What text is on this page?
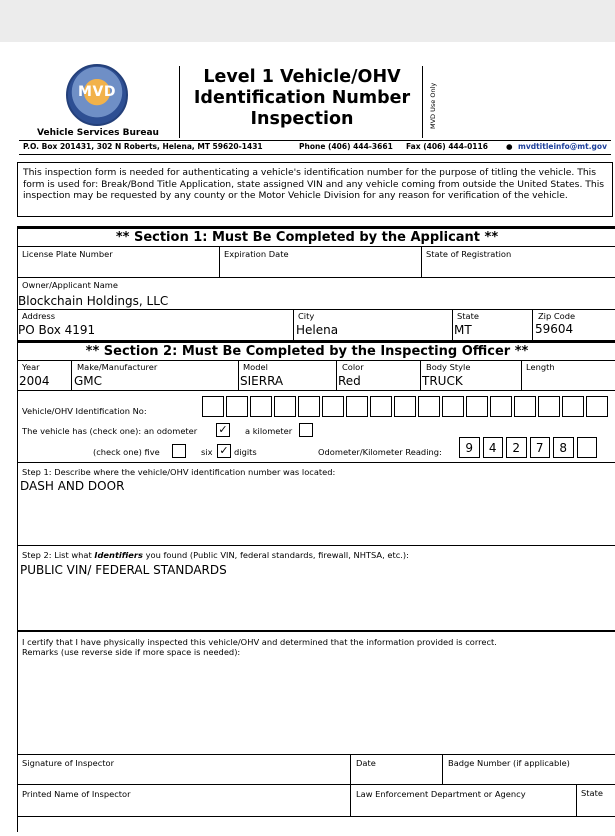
MVD
Vehicle Services Bureau
Level 1 Vehicle/OHV
Identification Number
Inspection	MVD Use Only
P.O. Box 201431, 302 N Roberts, Helena, MT 59620-1431	Phone (406) 444-3661 Fax (406) 444-0116 ● mvdtitleinfo@mt.gov
This inspection form is needed for authenticating a vehicle's identification number for the purpose of titling the vehicle. This form is used for: Break/Bond Title Application, state assigned VIN and any vehicle coming from outside the United States. This inspection may be requested by any county or the Motor Vehicle Division for any reason for verification of the vehicle.
** Section 1: Must Be Completed by the Applicant **
License Plate Number	Expiration Date	State of Registration
Owner/Applicant Name
Blockchain Holdings, LLC
Address
PO Box 4191
City
Helena
State
MT
Zip Code
59604
** Section 2: Must Be Completed by the Inspecting Officer **
Year
2004
Make/Manufacturer
GMC
Model
SIERRA
Color
Red
Body Style
TRUCK
Length
Vehicle/OHV Identification No:
The vehicle has (check one): an odometer ✓ a kilometer
(check one) five	six ✓ digits	Odometer/Kilometer Reading:	9	4	2	7	8
Step 1: Describe where the vehicle/OHV identification number was located:
DASH AND DOOR
Step 2: List what Identifiers you found (Public VIN, federal standards, firewall, NHTSA, etc.):
PUBLIC VIN/ FEDERAL STANDARDS
I certify that I have physically inspected this vehicle/OHV and determined that the information provided is correct.
Remarks (use reverse side if more space is needed):
Signature of Inspector	Date	Badge Number (if applicable)
Printed Name of Inspector	Law Enforcement Department or Agency	State
